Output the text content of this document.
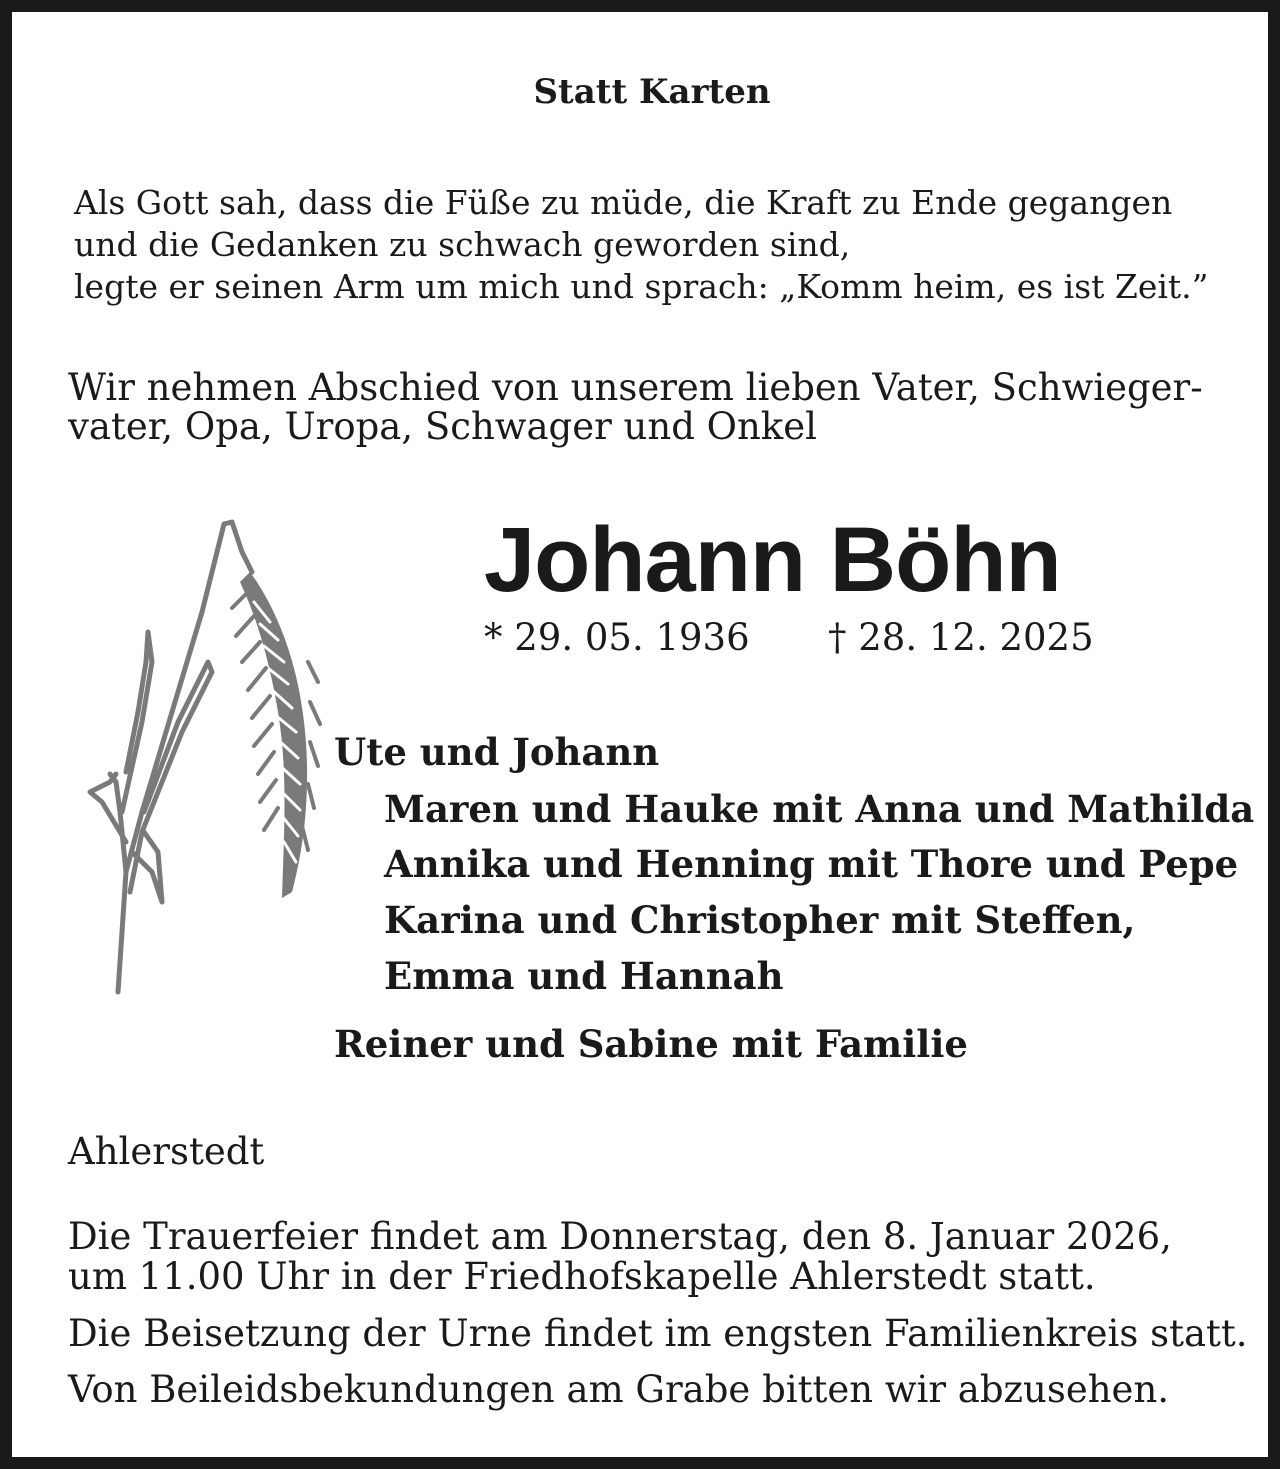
Statt Karten

Als Gott sah, dass die Füße zu müde, die Kraft zu Ende gegangen

und die Gedanken zu schwach geworden sind,

legte er seinen Arm um mich und sprach: „Komm heim, es ist Zeit.”

Wir nehmen Abschied von unserem lieben Vater, Schwieger-

vater, Opa, Uropa, Schwager und Onkel

Johann Böhn

* 29. 05. 1936 † 28. 12. 2025

Ute und Johann

Maren und Hauke mit Anna und Mathilda

Annika und Henning mit Thore und Pepe

Karina und Christopher mit Steffen,

Emma und Hannah

Reiner und Sabine mit Familie

Ahlerstedt

Die Trauerfeier findet am Donnerstag, den 8. Januar 2026,

um 11.00 Uhr in der Friedhofskapelle Ahlerstedt statt.

Die Beisetzung der Urne findet im engsten Familienkreis statt.

Von Beileidsbekundungen am Grabe bitten wir abzusehen.
